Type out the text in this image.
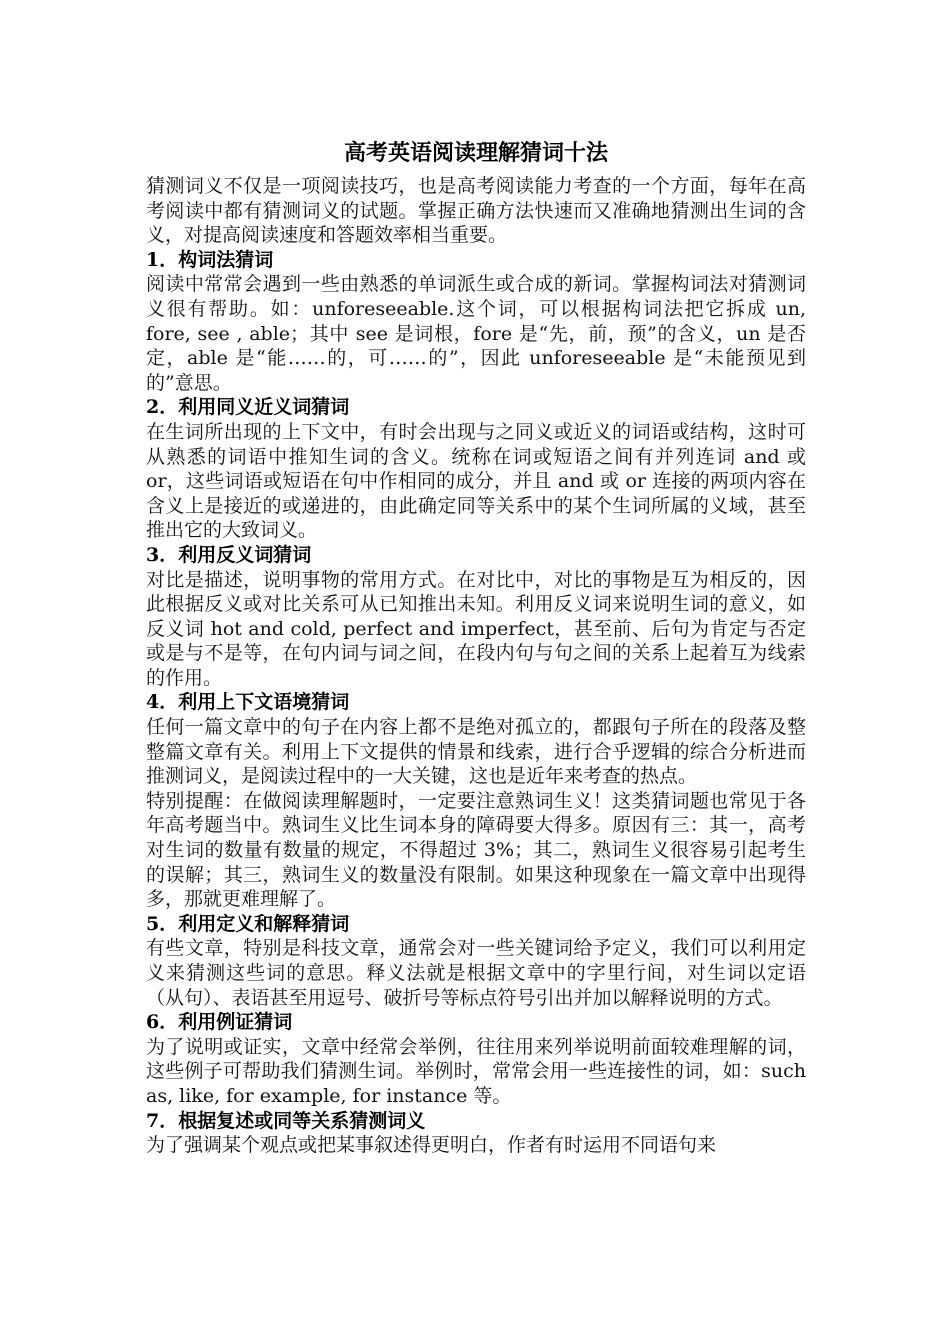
高考英语阅读理解猜词十法

猜测词义不仅是一项阅读技巧，也是高考阅读能力考查的一个方面，每年在高考阅读中都有猜测词义的试题。掌握正确方法快速而又准确地猜测出生词的含义，对提高阅读速度和答题效率相当重要。

1．构词法猜词

阅读中常常会遇到一些由熟悉的单词派生或合成的新词。掌握构词法对猜测词义很有帮助。如：unforeseeable.这个词，可以根据构词法把它拆成 un, fore, see , able；其中 see 是词根，fore 是“先，前，预”的含义，un 是否定，able 是“能……的，可……的”，因此 unforeseeable 是“未能预见到的”意思。

2．利用同义近义词猜词

在生词所出现的上下文中，有时会出现与之同义或近义的词语或结构，这时可从熟悉的词语中推知生词的含义。统称在词或短语之间有并列连词 and 或 or，这些词语或短语在句中作相同的成分，并且 and 或 or 连接的两项内容在含义上是接近的或递进的，由此确定同等关系中的某个生词所属的义域，甚至推出它的大致词义。

3．利用反义词猜词

对比是描述，说明事物的常用方式。在对比中，对比的事物是互为相反的，因此根据反义或对比关系可从已知推出未知。利用反义词来说明生词的意义，如反义词 hot and cold, perfect and imperfect，甚至前、后句为肯定与否定或是与不是等，在句内词与词之间，在段内句与句之间的关系上起着互为线索的作用。

4．利用上下文语境猜词

任何一篇文章中的句子在内容上都不是绝对孤立的，都跟句子所在的段落及整整篇文章有关。利用上下文提供的情景和线索，进行合乎逻辑的综合分析进而推测词义，是阅读过程中的一大关键，这也是近年来考查的热点。

特别提醒：在做阅读理解题时，一定要注意熟词生义！这类猜词题也常见于各年高考题当中。熟词生义比生词本身的障碍要大得多。原因有三：其一，高考对生词的数量有数量的规定，不得超过 3%；其二，熟词生义很容易引起考生的误解；其三，熟词生义的数量没有限制。如果这种现象在一篇文章中出现得多，那就更难理解了。

5．利用定义和解释猜词

有些文章，特别是科技文章，通常会对一些关键词给予定义，我们可以利用定义来猜测这些词的意思。释义法就是根据文章中的字里行间，对生词以定语（从句）、表语甚至用逗号、破折号等标点符号引出并加以解释说明的方式。

6．利用例证猜词

为了说明或证实，文章中经常会举例，往往用来列举说明前面较难理解的词，这些例子可帮助我们猜测生词。举例时，常常会用一些连接性的词，如：such as, like, for example, for instance 等。

7．根据复述或同等关系猜测词义

为了强调某个观点或把某事叙述得更明白，作者有时运用不同语句来
